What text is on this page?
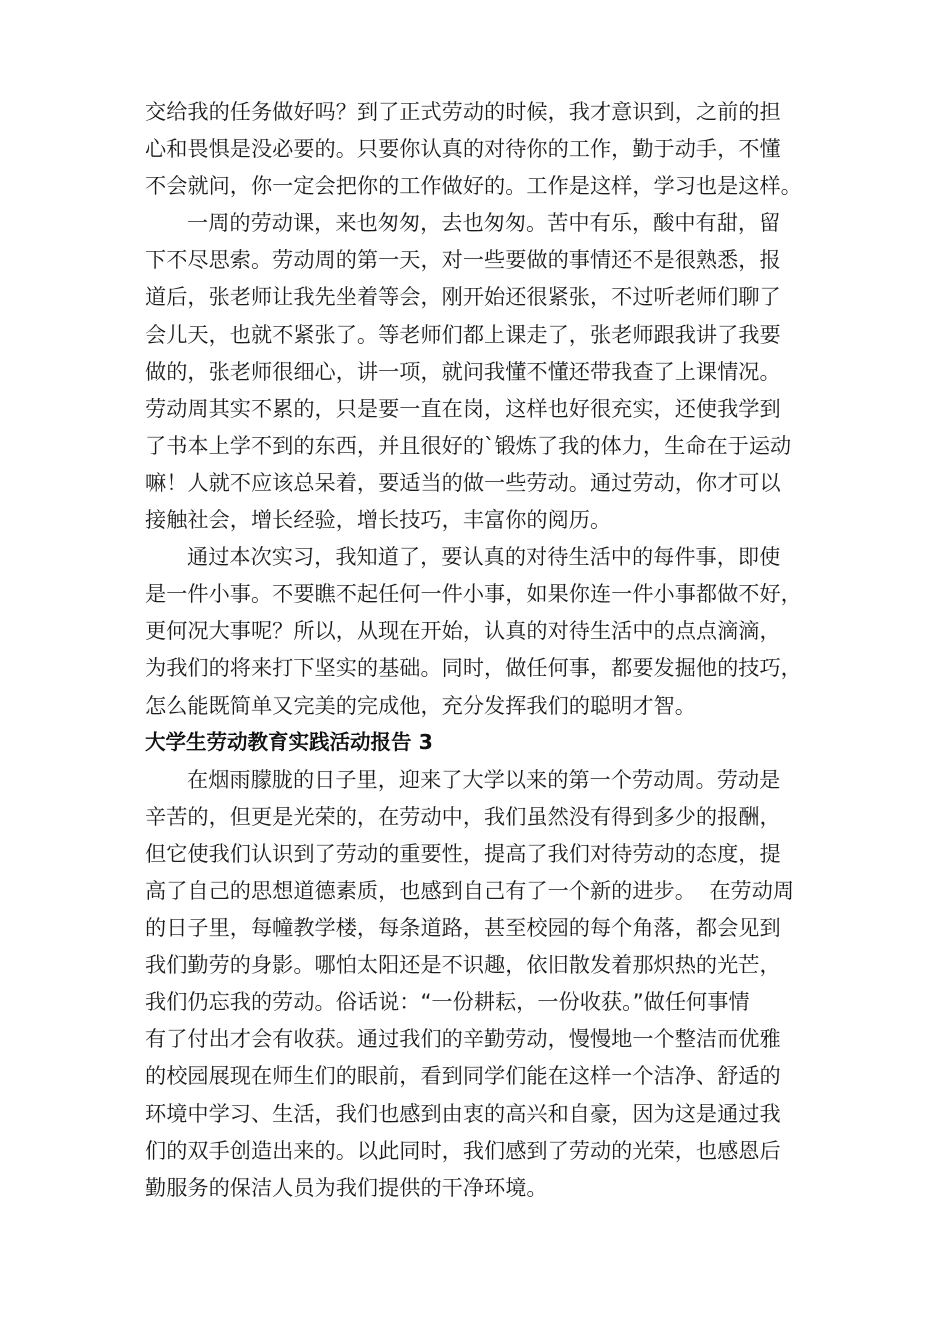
交给我的任务做好吗？到了正式劳动的时候，我才意识到，之前的担
心和畏惧是没必要的。只要你认真的对待你的工作，勤于动手，不懂
不会就问，你一定会把你的工作做好的。工作是这样，学习也是这样。
一周的劳动课，来也匆匆，去也匆匆。苦中有乐，酸中有甜，留
下不尽思索。劳动周的第一天，对一些要做的事情还不是很熟悉，报
道后，张老师让我先坐着等会，刚开始还很紧张，不过听老师们聊了
会儿天，也就不紧张了。等老师们都上课走了，张老师跟我讲了我要
做的，张老师很细心，讲一项，就问我懂不懂还带我查了上课情况。
劳动周其实不累的，只是要一直在岗，这样也好很充实，还使我学到
了书本上学不到的东西，并且很好的`锻炼了我的体力，生命在于运动
嘛！人就不应该总呆着，要适当的做一些劳动。通过劳动，你才可以
接触社会，增长经验，增长技巧，丰富你的阅历。
通过本次实习，我知道了，要认真的对待生活中的每件事，即使
是一件小事。不要瞧不起任何一件小事，如果你连一件小事都做不好，
更何况大事呢？所以，从现在开始，认真的对待生活中的点点滴滴，
为我们的将来打下坚实的基础。同时，做任何事，都要发掘他的技巧，
怎么能既简单又完美的完成他，充分发挥我们的聪明才智。
大学生劳动教育实践活动报告 3
在烟雨朦胧的日子里，迎来了大学以来的第一个劳动周。劳动是
辛苦的，但更是光荣的，在劳动中，我们虽然没有得到多少的报酬，
但它使我们认识到了劳动的重要性，提高了我们对待劳动的态度，提
高了自己的思想道德素质，也感到自己有了一个新的进步。  在劳动周
的日子里，每幢教学楼，每条道路，甚至校园的每个角落，都会见到
我们勤劳的身影。哪怕太阳还是不识趣，依旧散发着那炽热的光芒，
我们仍忘我的劳动。俗话说：“一份耕耘，一份收获。”做任何事情
有了付出才会有收获。通过我们的辛勤劳动，慢慢地一个整洁而优雅
的校园展现在师生们的眼前，看到同学们能在这样一个洁净、舒适的
环境中学习、生活，我们也感到由衷的高兴和自豪，因为这是通过我
们的双手创造出来的。以此同时，我们感到了劳动的光荣，也感恩后
勤服务的保洁人员为我们提供的干净环境。
